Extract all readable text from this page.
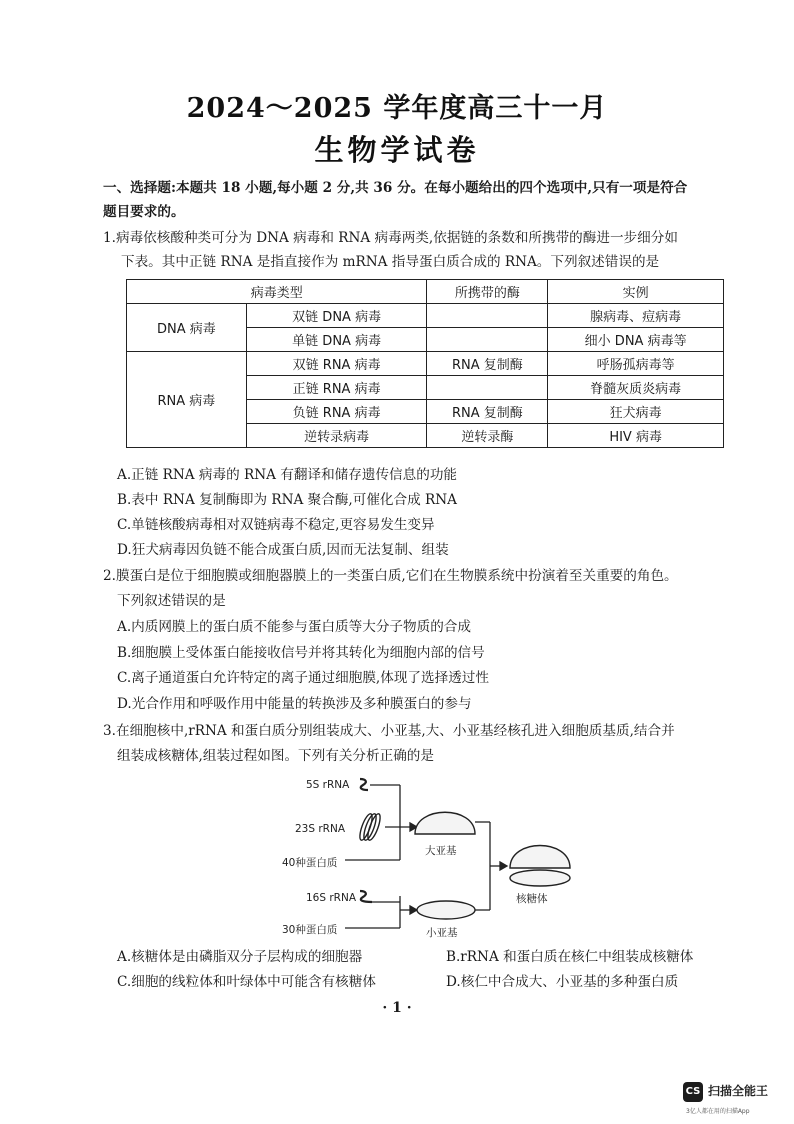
2024～2025 学年度高三十一月
生物学试卷
一、选择题:本题共 18 小题,每小题 2 分,共 36 分。在每小题给出的四个选项中,只有一项是符合
题目要求的。
1.病毒依核酸种类可分为 DNA 病毒和 RNA 病毒两类,依据链的条数和所携带的酶进一步细分如
下表。其中正链 RNA 是指直接作为 mRNA 指导蛋白质合成的 RNA。下列叙述错误的是
病毒类型		所携带的酶	实例
DNA 病毒	双链 DNA 病毒		腺病毒、痘病毒
	单链 DNA 病毒		细小 DNA 病毒等
RNA 病毒	双链 RNA 病毒	RNA 复制酶	呼肠孤病毒等
	正链 RNA 病毒		脊髓灰质炎病毒
	负链 RNA 病毒	RNA 复制酶	狂犬病毒
	逆转录病毒	逆转录酶	HIV 病毒
A.正链 RNA 病毒的 RNA 有翻译和储存遗传信息的功能
B.表中 RNA 复制酶即为 RNA 聚合酶,可催化合成 RNA
C.单链核酸病毒相对双链病毒不稳定,更容易发生变异
D.狂犬病毒因负链不能合成蛋白质,因而无法复制、组装
2.膜蛋白是位于细胞膜或细胞器膜上的一类蛋白质,它们在生物膜系统中扮演着至关重要的角色。
下列叙述错误的是
A.内质网膜上的蛋白质不能参与蛋白质等大分子物质的合成
B.细胞膜上受体蛋白能接收信号并将其转化为细胞内部的信号
C.离子通道蛋白允许特定的离子通过细胞膜,体现了选择透过性
D.光合作用和呼吸作用中能量的转换涉及多种膜蛋白的参与
3.在细胞核中,rRNA 和蛋白质分别组装成大、小亚基,大、小亚基经核孔进入细胞质基质,结合并
组装成核糖体,组装过程如图。下列有关分析正确的是
5S rRNA
23S rRNA
40种蛋白质
大亚基
16S rRNA
30种蛋白质	小亚基
核糖体
A.核糖体是由磷脂双分子层构成的细胞器	B.rRNA 和蛋白质在核仁中组装成核糖体
C.细胞的线粒体和叶绿体中可能含有核糖体	D.核仁中合成大、小亚基的多种蛋白质
· 1 ·
CS 扫描全能王
3亿人都在用的扫描App
